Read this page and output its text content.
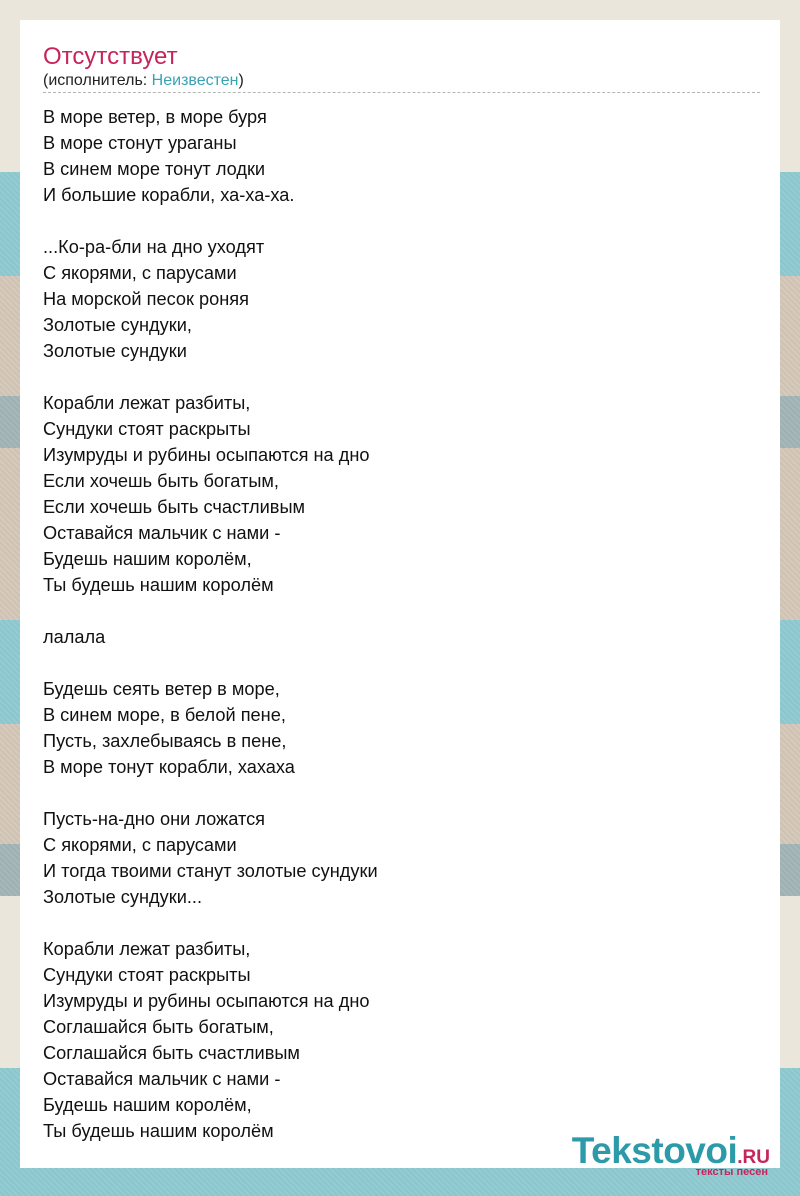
Отсутствует
(исполнитель: Неизвестен)
В море ветер, в море буря
В море стонут ураганы
В синем море тонут лодки
И большие корабли, ха-ха-ха.

...Ко-ра-бли на дно уходят
С якорями, с парусами
На морской песок роняя
Золотые сундуки,
Золотые сундуки

Корабли лежат разбиты,
Сундуки стоят раскрыты
Изумруды и рубины осыпаются на дно
Если хочешь быть богатым,
Если хочешь быть счастливым
Оставайся мальчик с нами -
Будешь нашим королём,
Ты будешь нашим королём

лалала

Будешь сеять ветер в море,
В синем море, в белой пене,
Пусть, захлебываясь в пене,
В море тонут корабли, хахаха

Пусть-на-дно они ложатся
С якорями, с парусами
И тогда твоими станут золотые сундуки
Золотые сундуки...

Корабли лежат разбиты,
Сундуки стоят раскрыты
Изумруды и рубины осыпаются на дно
Соглашайся быть богатым,
Соглашайся быть счастливым
Оставайся мальчик с нами -
Будешь нашим королём,
Ты будешь нашим королём	Tekstovoi.RU
тексты песен
